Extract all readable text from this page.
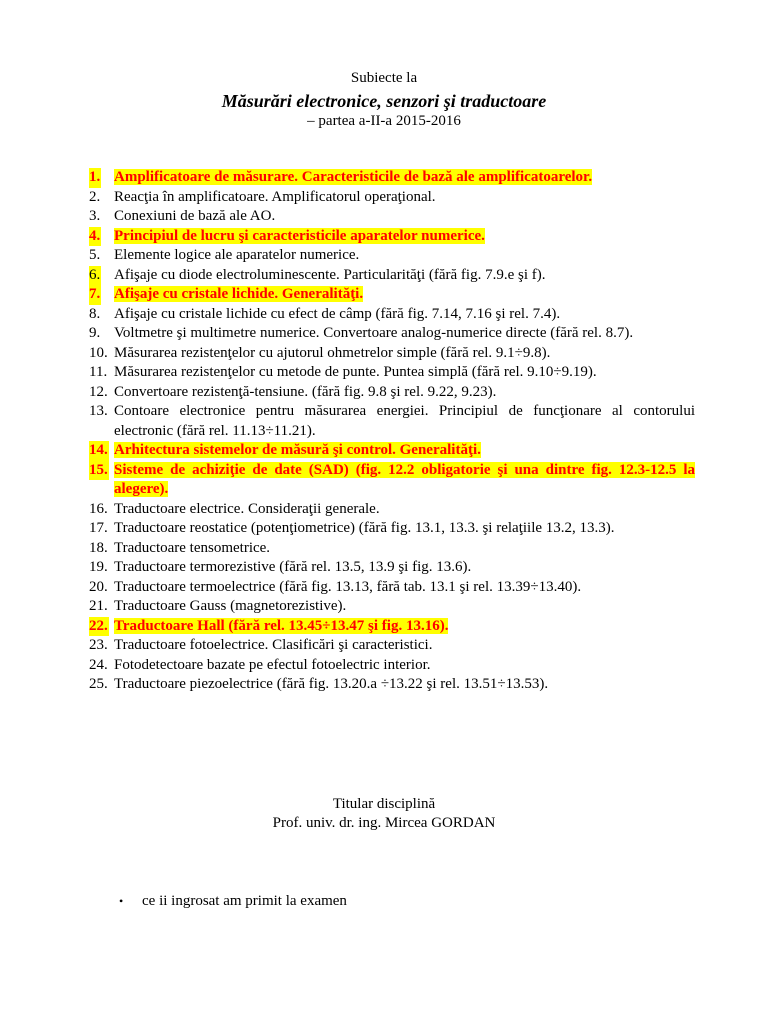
Subiecte la
Măsurări electronice, senzori şi traductoare
– partea a-II-a 2015-2016
1. Amplificatoare de măsurare. Caracteristicile de bază ale amplificatoarelor.
2. Reacţia în amplificatoare. Amplificatorul operaţional.
3. Conexiuni de bază ale AO.
4. Principiul de lucru şi caracteristicile aparatelor numerice.
5. Elemente logice ale aparatelor numerice.
6. Afişaje cu diode electroluminescente. Particularităţi (fără fig. 7.9.e şi f).
7. Afişaje cu cristale lichide. Generalităţi.
8. Afişaje cu cristale lichide cu efect de câmp (fără fig. 7.14, 7.16 şi rel. 7.4).
9. Voltmetre şi multimetre numerice. Convertoare analog-numerice directe (fără rel. 8.7).
10. Măsurarea rezistenţelor cu ajutorul ohmetrelor simple (fără rel. 9.1÷9.8).
11. Măsurarea rezistenţelor cu metode de punte. Puntea simplă (fără rel. 9.10÷9.19).
12. Convertoare rezistenţă-tensiune. (fără fig. 9.8 şi rel. 9.22, 9.23).
13. Contoare electronice pentru măsurarea energiei. Principiul de funcţionare al contorului electronic (fără rel. 11.13÷11.21).
14. Arhitectura sistemelor de măsură şi control. Generalităţi.
15. Sisteme de achiziţie de date (SAD) (fig. 12.2 obligatorie şi una dintre fig. 12.3-12.5 la alegere).
16. Traductoare electrice. Consideraţii generale.
17. Traductoare reostatice (potenţiometrice) (fără fig. 13.1, 13.3. şi relaţiile 13.2, 13.3).
18. Traductoare tensometrice.
19. Traductoare termorezistive (fără rel. 13.5, 13.9 şi fig. 13.6).
20. Traductoare termoelectrice (fără fig. 13.13, fără tab. 13.1 şi rel. 13.39÷13.40).
21. Traductoare Gauss (magnetorezistive).
22. Traductoare Hall (fără rel. 13.45÷13.47 şi fig. 13.16).
23. Traductoare fotoelectrice. Clasificări şi caracteristici.
24. Fotodetectoare bazate pe efectul fotoelectric interior.
25. Traductoare piezoelectrice (fără fig. 13.20.a ÷13.22 şi rel. 13.51÷13.53).
Titular disciplină
Prof. univ. dr. ing. Mircea GORDAN
• ce ii ingrosat am primit la examen
